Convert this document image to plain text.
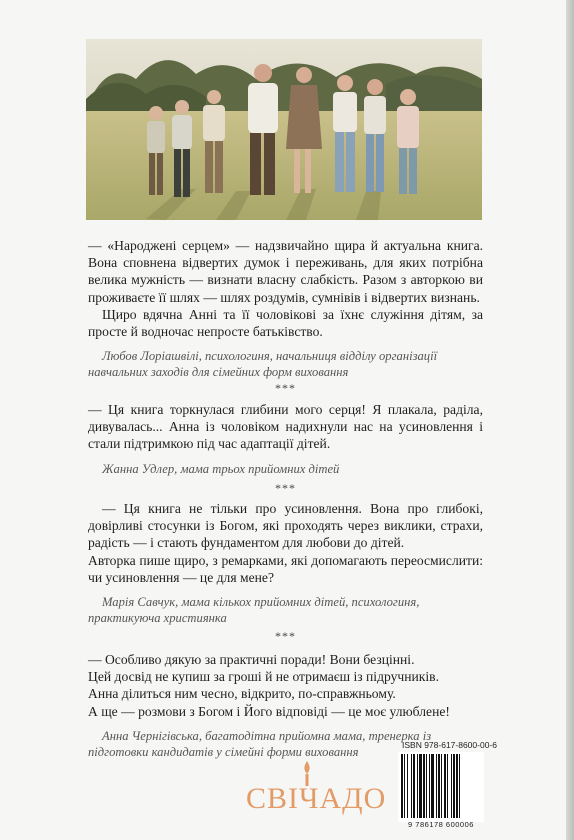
— «Народжені серцем» — надзвичайно щира й актуальна книга. Вона сповнена відвертих думок і переживань, для яких потрібна велика мужність — визнати власну слабкість. Разом з авторкою ви проживаєте її шлях — шлях роздумів, сумнівів і відвертих визнань.

Щиро вдячна Анні та її чоловікові за їхнє служіння дітям, за просте й водночас непросте батьківство.

Любов Лоріашвілі, психологиня, начальниця відділу організації навчальних заходів для сімейних форм виховання

***

— Ця книга торкнулася глибини мого серця! Я плакала, раділа, дивувалась... Анна із чоловіком надихнули нас на усиновлення і стали підтримкою під час адаптації дітей.

Жанна Удлер, мама трьох прийомних дітей

***

— Ця книга не тільки про усиновлення. Вона про глибокі, довірливі стосунки із Богом, які проходять через виклики, страхи, радість — і стають фундаментом для любови до дітей.

Авторка пише щиро, з ремарками, які допомагають переосмислити: чи усиновлення — це для мене?

Марія Савчук, мама кількох прийомних дітей, психологиня, практикуюча християнка

***

— Особливо дякую за практичні поради! Вони безцінні.

Цей досвід не купиш за гроші й не отримаєш із підручників.

Анна ділиться ним чесно, відкрито, по-справжньому.

А ще — розмови з Богом і Його відповіді — це моє улюблене!

Анна Чернігівська, багатодітна прийомна мама, тренерка із підготовки кандидатів у сімейні форми виховання

СВІЧАДО
ISBN 978-617-8600-00-6
9 786178 600006
